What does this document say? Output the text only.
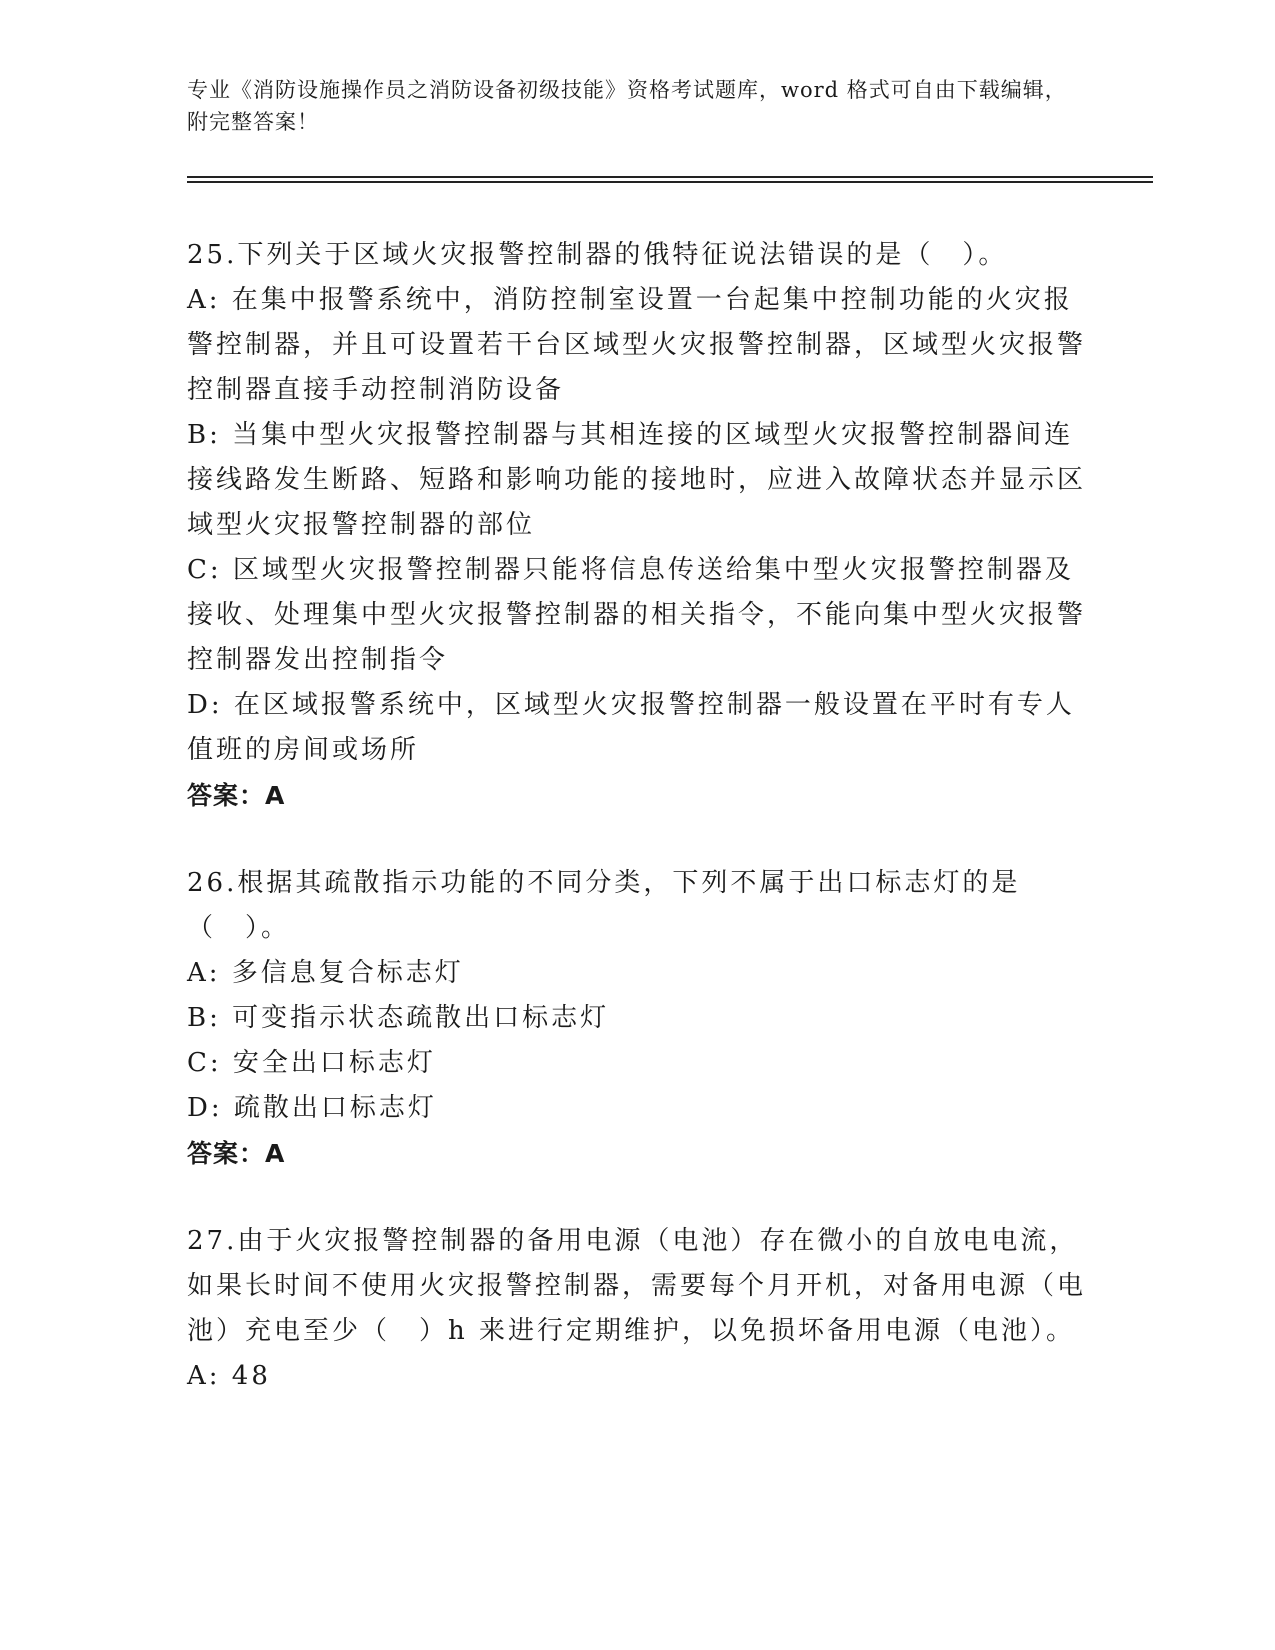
专业《消防设施操作员之消防设备初级技能》资格考试题库，word 格式可自由下载编辑，附完整答案！

25.下列关于区域火灾报警控制器的俄特征说法错误的是（　）。

A: 在集中报警系统中，消防控制室设置一台起集中控制功能的火灾报警控制器，并且可设置若干台区域型火灾报警控制器，区域型火灾报警控制器直接手动控制消防设备

B: 当集中型火灾报警控制器与其相连接的区域型火灾报警控制器间连接线路发生断路、短路和影响功能的接地时，应进入故障状态并显示区域型火灾报警控制器的部位

C: 区域型火灾报警控制器只能将信息传送给集中型火灾报警控制器及接收、处理集中型火灾报警控制器的相关指令，不能向集中型火灾报警控制器发出控制指令

D: 在区域报警系统中，区域型火灾报警控制器一般设置在平时有专人值班的房间或场所

答案：A

26.根据其疏散指示功能的不同分类，下列不属于出口标志灯的是（　）。

A: 多信息复合标志灯

B: 可变指示状态疏散出口标志灯

C: 安全出口标志灯

D: 疏散出口标志灯

答案：A

27.由于火灾报警控制器的备用电源（电池）存在微小的自放电电流，如果长时间不使用火灾报警控制器，需要每个月开机，对备用电源（电池）充电至少（　）h 来进行定期维护，以免损坏备用电源（电池）。

A: 48
